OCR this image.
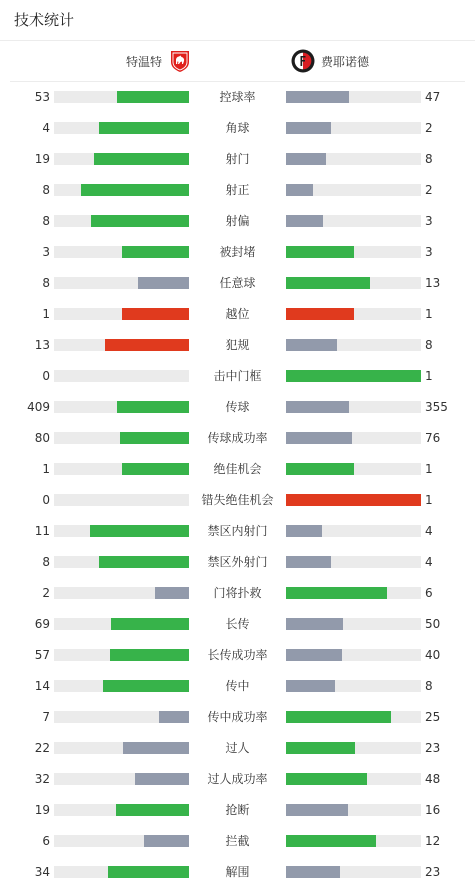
技术统计
特温特	费耶诺德
53	控球率	47
4	角球	2
19	射门	8
8	射正	2
8	射偏	3
3	被封堵	3
8	任意球	13
1	越位	1
13	犯规	8
0	击中门框	1
409	传球	355
80	传球成功率	76
1	绝佳机会	1
0	错失绝佳机会	1
11	禁区内射门	4
8	禁区外射门	4
2	门将扑救	6
69	长传	50
57	长传成功率	40
14	传中	8
7	传中成功率	25
22	过人	23
32	过人成功率	48
19	抢断	16
6	拦截	12
34	解围	23
